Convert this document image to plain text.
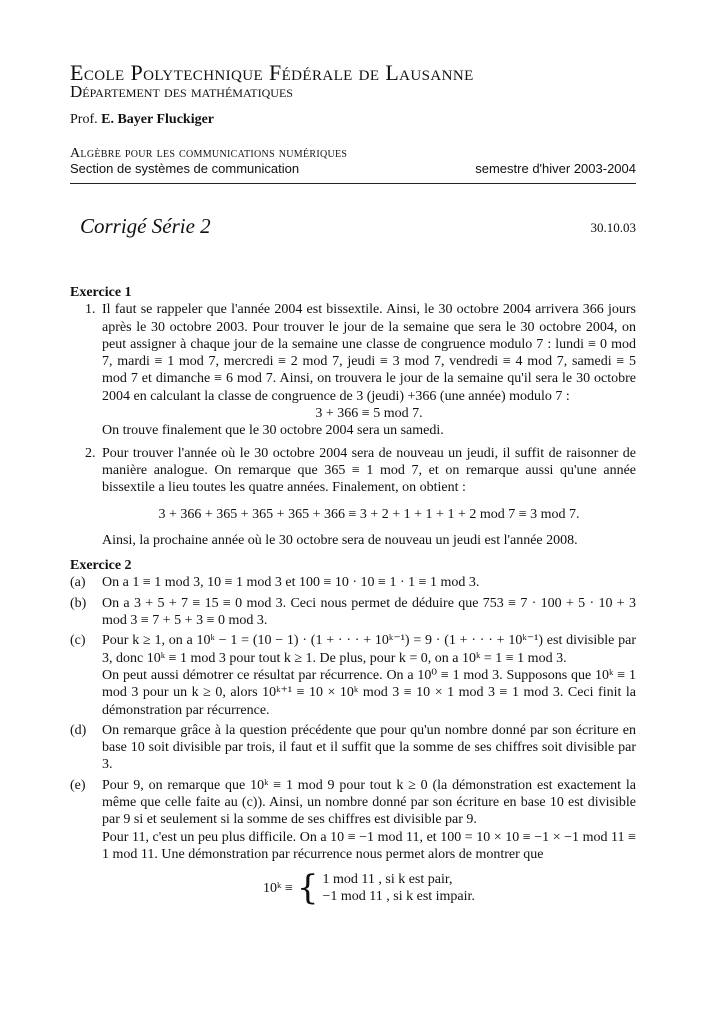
Ecole Polytechnique Fédérale de Lausanne
Département des mathématiques
Prof. E. Bayer Fluckiger
Algèbre pour les communications numériques
Section de systèmes de communication	semestre d'hiver 2003-2004
Corrigé Série 2	30.10.03

Exercice 1

1. Il faut se rappeler que l'année 2004 est bissextile. Ainsi, le 30 octobre 2004 arrivera 366 jours après le 30 octobre 2003. Pour trouver le jour de la semaine que sera le 30 octobre 2004, on peut assigner à chaque jour de la semaine une classe de congruence modulo 7 : lundi ≡ 0 mod 7, mardi ≡ 1 mod 7, mercredi ≡ 2 mod 7, jeudi ≡ 3 mod 7, vendredi ≡ 4 mod 7, samedi ≡ 5 mod 7 et dimanche ≡ 6 mod 7. Ainsi, on trouvera le jour de la semaine qu'il sera le 30 octobre 2004 en calculant la classe de congruence de 3 (jeudi) +366 (une année) modulo 7 :

3 + 366 ≡ 5 mod 7.

On trouve finalement que le 30 octobre 2004 sera un samedi.

2. Pour trouver l'année où le 30 octobre 2004 sera de nouveau un jeudi, il suffit de raisonner de manière analogue. On remarque que 365 ≡ 1 mod 7, et on remarque aussi qu'une année bissextile a lieu toutes les quatre années. Finalement, on obtient :

3 + 366 + 365 + 365 + 365 + 366 ≡ 3 + 2 + 1 + 1 + 1 + 2 mod 7 ≡ 3 mod 7.

Ainsi, la prochaine année où le 30 octobre sera de nouveau un jeudi est l'année 2008.

Exercice 2

(a) On a 1 ≡ 1 mod 3, 10 ≡ 1 mod 3 et 100 ≡ 10 · 10 ≡ 1 · 1 ≡ 1 mod 3.

(b) On a 3 + 5 + 7 ≡ 15 ≡ 0 mod 3. Ceci nous permet de déduire que 753 ≡ 7 · 100 + 5 · 10 + 3 mod 3 ≡ 7 + 5 + 3 ≡ 0 mod 3.

(c) Pour k ≥ 1, on a 10ᵏ − 1 = (10 − 1) · (1 + · · · + 10ᵏ⁻¹) = 9 · (1 + · · · + 10ᵏ⁻¹) est divisible par 3, donc 10ᵏ ≡ 1 mod 3 pour tout k ≥ 1. De plus, pour k = 0, on a 10ᵏ = 1 ≡ 1 mod 3.

On peut aussi démotrer ce résultat par récurrence. On a 10⁰ ≡ 1 mod 3. Supposons que 10ᵏ ≡ 1 mod 3 pour un k ≥ 0, alors 10ᵏ⁺¹ ≡ 10 × 10ᵏ mod 3 ≡ 10 × 1 mod 3 ≡ 1 mod 3. Ceci finit la démonstration par récurrence.

(d) On remarque grâce à la question précédente que pour qu'un nombre donné par son écriture en base 10 soit divisible par trois, il faut et il suffit que la somme de ses chiffres soit divisible par 3.

(e) Pour 9, on remarque que 10ᵏ ≡ 1 mod 9 pour tout k ≥ 0 (la démonstration est exactement la même que celle faite au (c)). Ainsi, un nombre donné par son écriture en base 10 est divisible par 9 si et seulement si la somme de ses chiffres est divisible par 9.

Pour 11, c'est un peu plus difficile. On a 10 ≡ −1 mod 11, et 100 = 10 × 10 ≡ −1 × −1 mod 11 ≡ 1 mod 11. Une démonstration par récurrence nous permet alors de montrer que

10ᵏ ≡ { 1 mod 11 , si k est pair,
−1 mod 11 , si k est impair.
